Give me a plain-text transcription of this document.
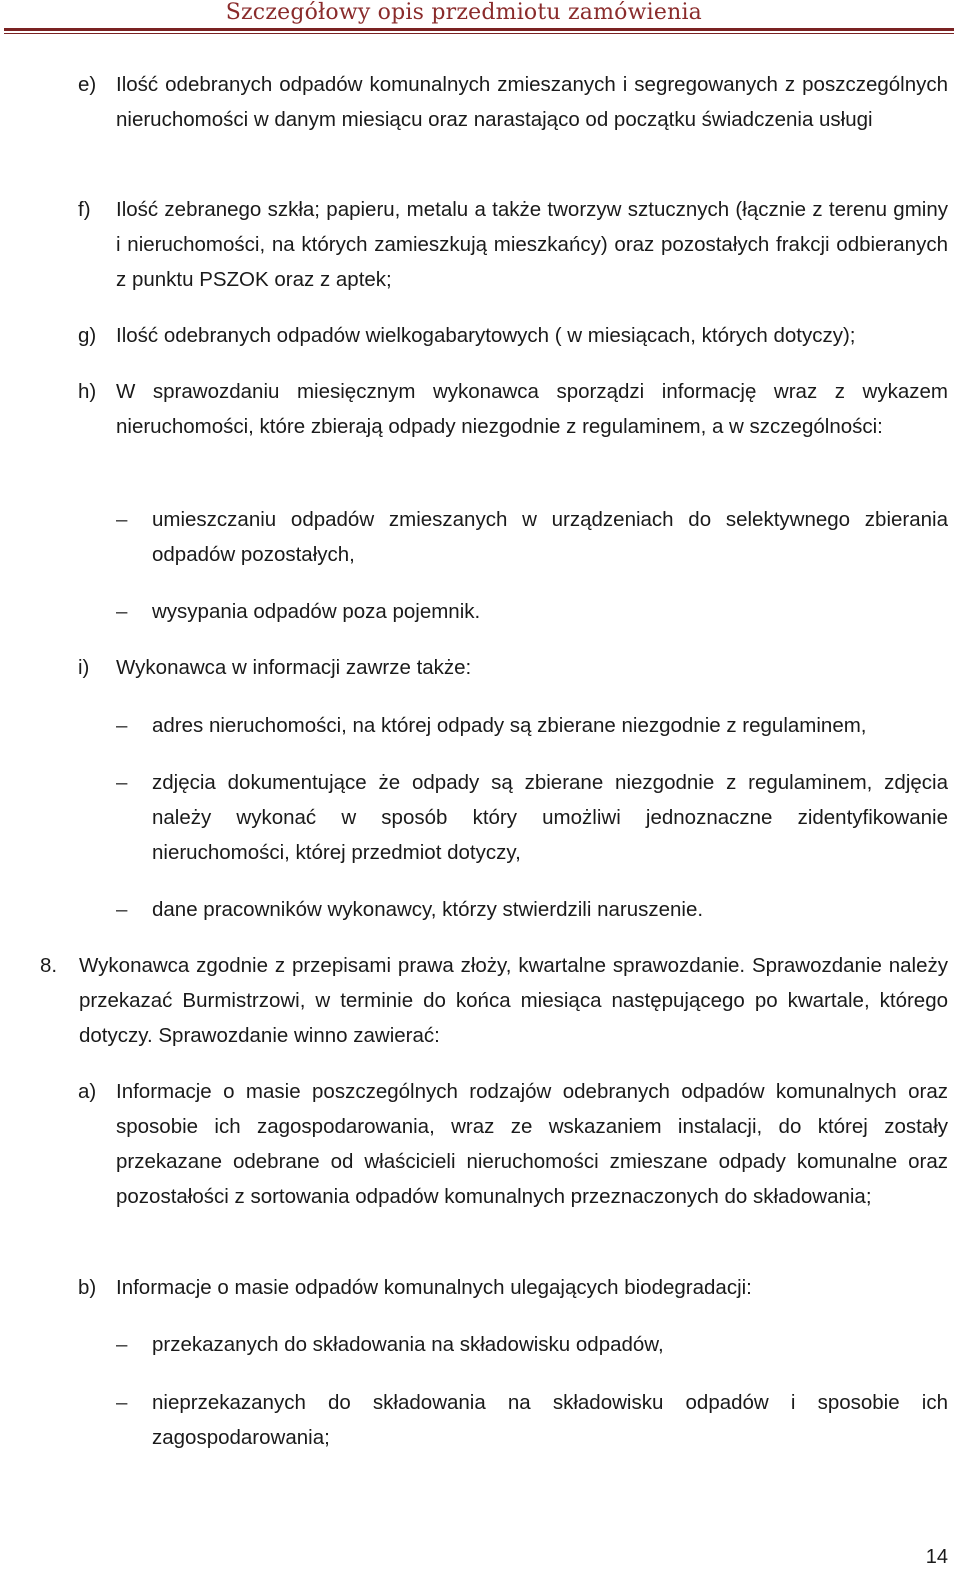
Szczegółowy opis przedmiotu zamówienia
e) Ilość odebranych odpadów komunalnych zmieszanych i segregowanych z poszczególnych nieruchomości w danym miesiącu oraz narastająco od początku świadczenia usługi
f) Ilość zebranego szkła; papieru, metalu a także tworzyw sztucznych (łącznie z terenu gminy i nieruchomości, na których zamieszkują mieszkańcy) oraz pozostałych frakcji odbieranych z punktu PSZOK oraz z aptek;
g) Ilość odebranych odpadów wielkogabarytowych ( w miesiącach, których dotyczy);
h) W sprawozdaniu miesięcznym wykonawca sporządzi informację wraz z wykazem nieruchomości, które zbierają odpady niezgodnie z regulaminem, a w szczególności:
– umieszczaniu odpadów zmieszanych w urządzeniach do selektywnego zbierania odpadów pozostałych,
– wysypania odpadów poza pojemnik.
i) Wykonawca w informacji zawrze także:
– adres nieruchomości, na której odpady są zbierane niezgodnie z regulaminem,
– zdjęcia dokumentujące że odpady są zbierane niezgodnie z regulaminem, zdjęcia należy wykonać w sposób który umożliwi jednoznaczne zidentyfikowanie nieruchomości, której przedmiot dotyczy,
– dane pracowników wykonawcy, którzy stwierdzili naruszenie.
8. Wykonawca zgodnie z przepisami prawa złoży, kwartalne sprawozdanie. Sprawozdanie należy przekazać Burmistrzowi, w terminie do końca miesiąca następującego po kwartale, którego dotyczy. Sprawozdanie winno zawierać:
a) Informacje o masie poszczególnych rodzajów odebranych odpadów komunalnych oraz sposobie ich zagospodarowania, wraz ze wskazaniem instalacji, do której zostały przekazane odebrane od właścicieli nieruchomości zmieszane odpady komunalne oraz pozostałości z sortowania odpadów komunalnych przeznaczonych do składowania;
b) Informacje o masie odpadów komunalnych ulegających biodegradacji:
– przekazanych do składowania na składowisku odpadów,
– nieprzekazanych do składowania na składowisku odpadów i sposobie ich zagospodarowania;
14
